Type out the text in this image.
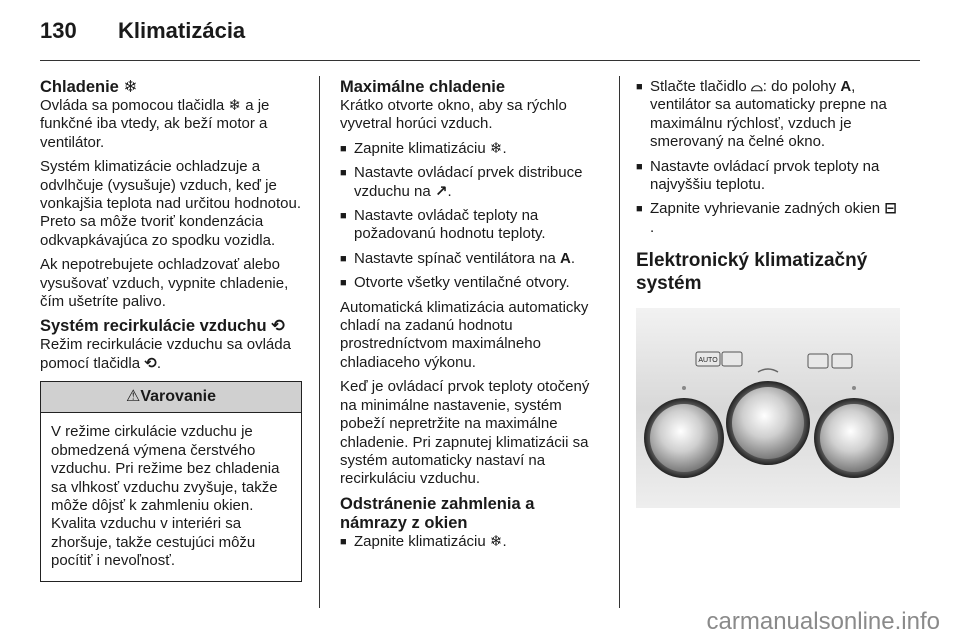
130 Klimatizácia
Chladenie ❄

Ovláda sa pomocou tlačidla ❄ a je funkčné iba vtedy, ak beží motor a ventilátor.

Systém klimatizácie ochladzuje a odvlhčuje (vysušuje) vzduch, keď je vonkajšia teplota nad určitou hodnotou. Preto sa môže tvoriť kondenzácia odkvapkávajúca zo spodku vozidla.

Ak nepotrebujete ochladzovať alebo vysušovať vzduch, vypnite chladenie, čím ušetríte palivo.

Systém recirkulácie vzduchu ⟲

Režim recirkulácie vzduchu sa ovláda pomocí tlačidla ⟲.

⚠Varovanie
V režime cirkulácie vzduchu je obmedzená výmena čerstvého vzduchu. Pri režime bez chladenia sa vlhkosť vzduchu zvyšuje, takže môže dôjsť k zahmleniu okien. Kvalita vzduchu v interiéri sa zhoršuje, takže cestujúci môžu pocítiť i nevoľnosť.
Maximálne chladenie

Krátko otvorte okno, aby sa rýchlo vyvetral horúci vzduch.

■ Zapnite klimatizáciu ❄.
■ Nastavte ovládací prvek distribuce vzduchu na ↗.
■ Nastavte ovládač teploty na požadovanú hodnotu teploty.
■ Nastavte spínač ventilátora na A.
■ Otvorte všetky ventilačné otvory.

Automatická klimatizácia automaticky chladí na zadanú hodnotu prostredníctvom maximálneho chladiaceho výkonu.

Keď je ovládací prvok teploty otočený na minimálne nastavenie, systém pobeží nepretržite na maximálne chladenie. Pri zapnutej klimatizácii sa systém automaticky nastaví na recirkuláciu vzduchu.

Odstránenie zahmlenia a námrazy z okien
■ Zapnite klimatizáciu ❄.
■ Stlačte tlačidlo ⌓: do polohy A, ventilátor sa automaticky prepne na maximálnu rýchlosť, vzduch je smerovaný na čelné okno.
■ Nastavte ovládací prvok teploty na najvyššiu teplotu.
■ Zapnite vyhrievanie zadných okien ⊟.
Elektronický klimatizačný systém
AUTO
carmanualsonline.info
